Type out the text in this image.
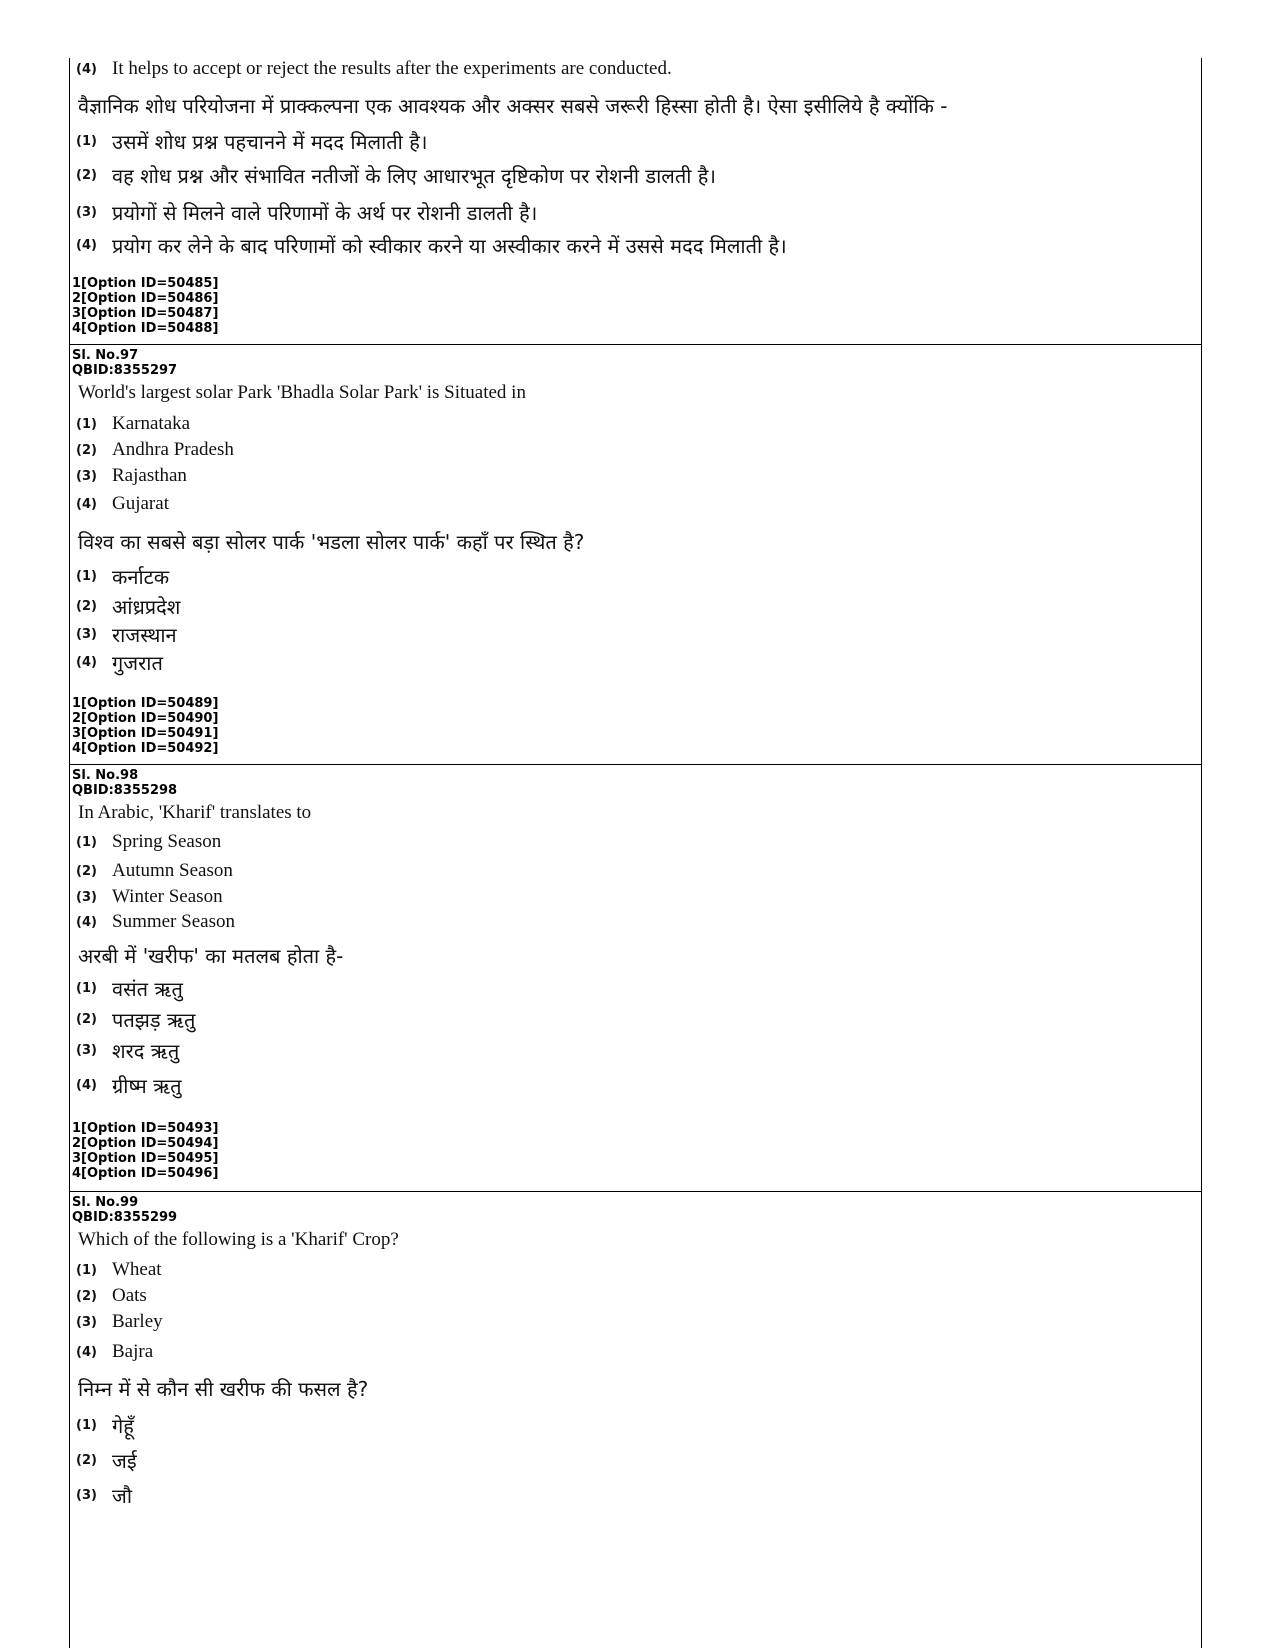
(4) It helps to accept or reject the results after the experiments are conducted.
वैज्ञानिक शोध परियोजना में प्राक्कल्पना एक आवश्यक और अक्सर सबसे जरूरी हिस्सा होती है। ऐसा इसीलिये है क्योंकि -
(1) उसमें शोध प्रश्न पहचानने में मदद मिलाती है।
(2) वह शोध प्रश्न और संभावित नतीजों के लिए आधारभूत दृष्टिकोण पर रोशनी डालती है।
(3) प्रयोगों से मिलने वाले परिणामों के अर्थ पर रोशनी डालती है।
(4) प्रयोग कर लेने के बाद परिणामों को स्वीकार करने या अस्वीकार करने में उससे मदद मिलाती है।
1[Option ID=50485]
2[Option ID=50486]
3[Option ID=50487]
4[Option ID=50488]
Sl. No.97
QBID:8355297
World's largest solar Park 'Bhadla Solar Park' is Situated in
(1) Karnataka
(2) Andhra Pradesh
(3) Rajasthan
(4) Gujarat
विश्व का सबसे बड़ा सोलर पार्क 'भडला सोलर पार्क' कहाँ पर स्थित है?
(1) कर्नाटक
(2) आंध्रप्रदेश
(3) राजस्थान
(4) गुजरात
1[Option ID=50489]
2[Option ID=50490]
3[Option ID=50491]
4[Option ID=50492]
Sl. No.98
QBID:8355298
In Arabic, 'Kharif' translates to
(1) Spring Season
(2) Autumn Season
(3) Winter Season
(4) Summer Season
अरबी में 'खरीफ' का मतलब होता है-
(1) वसंत ऋतु
(2) पतझड़ ऋतु
(3) शरद ऋतु
(4) ग्रीष्म ऋतु
1[Option ID=50493]
2[Option ID=50494]
3[Option ID=50495]
4[Option ID=50496]
Sl. No.99
QBID:8355299
Which of the following is a 'Kharif' Crop?
(1) Wheat
(2) Oats
(3) Barley
(4) Bajra
निम्न में से कौन सी खरीफ की फसल है?
(1) गेहूँ
(2) जई
(3) जौ
